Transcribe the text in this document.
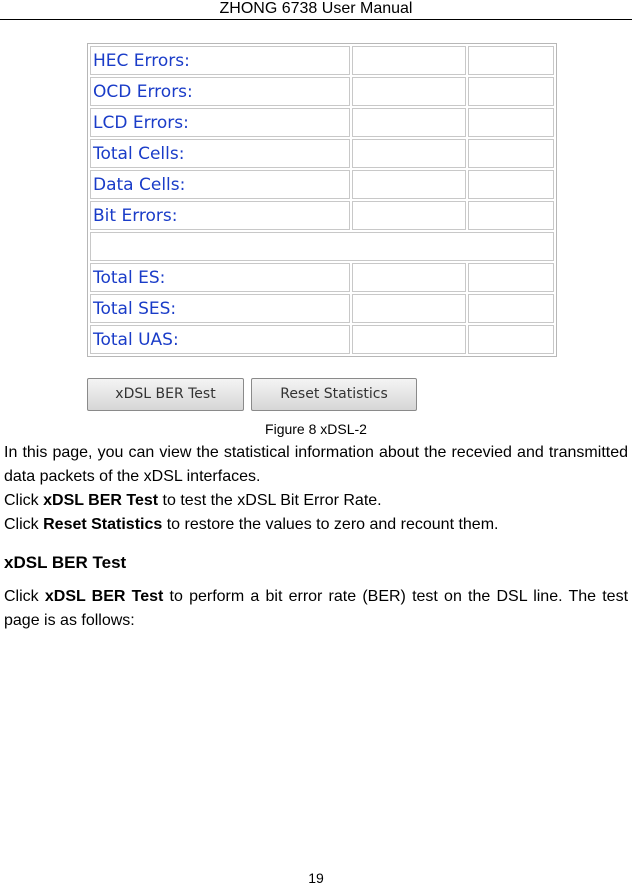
ZHONG 6738 User Manual
HEC Errors:		
OCD Errors:		
LCD Errors:		
Total Cells:		
Data Cells:		
Bit Errors:		

Total ES:		
Total SES:		
Total UAS:		
xDSL BER Test	Reset Statistics
Figure 8 xDSL-2
In this page, you can view the statistical information about the recevied and transmitted data packets of the xDSL interfaces.
Click xDSL BER Test to test the xDSL Bit Error Rate.
Click Reset Statistics to restore the values to zero and recount them.
xDSL BER Test
Click xDSL BER Test to perform a bit error rate (BER) test on the DSL line. The test page is as follows:
19
